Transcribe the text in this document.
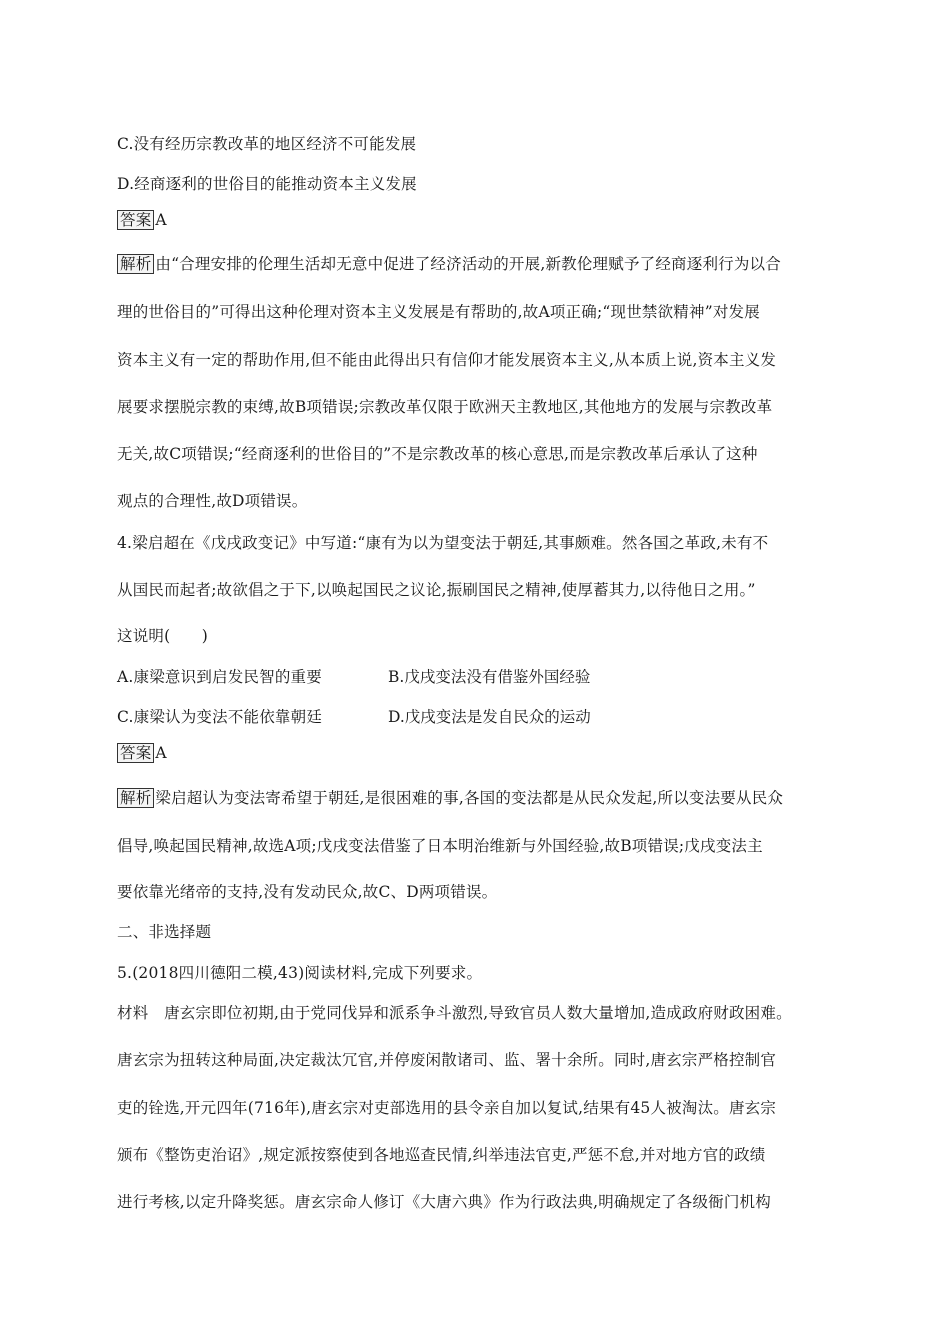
C.没有经历宗教改革的地区经济不可能发展
D.经商逐利的世俗目的能推动资本主义发展
答案 A
解析 由“合理安排的伦理生活却无意中促进了经济活动的开展,新教伦理赋予了经商逐利行为以合
理的世俗目的”可得出这种伦理对资本主义发展是有帮助的,故A项正确;“现世禁欲精神”对发展
资本主义有一定的帮助作用,但不能由此得出只有信仰才能发展资本主义,从本质上说,资本主义发
展要求摆脱宗教的束缚,故B项错误;宗教改革仅限于欧洲天主教地区,其他地方的发展与宗教改革
无关,故C项错误;“经商逐利的世俗目的”不是宗教改革的核心意思,而是宗教改革后承认了这种
观点的合理性,故D项错误。
4.梁启超在《戊戌政变记》中写道:“康有为以为望变法于朝廷,其事颇难。然各国之革政,未有不
从国民而起者;故欲倡之于下,以唤起国民之议论,振刷国民之精神,使厚蓄其力,以待他日之用。”
这说明(　　)
A.康梁意识到启发民智的重要	B.戊戌变法没有借鉴外国经验
C.康梁认为变法不能依靠朝廷	D.戊戌变法是发自民众的运动
答案 A
解析 梁启超认为变法寄希望于朝廷,是很困难的事,各国的变法都是从民众发起,所以变法要从民众
倡导,唤起国民精神,故选A项;戊戌变法借鉴了日本明治维新与外国经验,故B项错误;戊戌变法主
要依靠光绪帝的支持,没有发动民众,故C、D两项错误。
二、非选择题
5.(2018四川德阳二模,43)阅读材料,完成下列要求。
材料　唐玄宗即位初期,由于党同伐异和派系争斗激烈,导致官员人数大量增加,造成政府财政困难。
唐玄宗为扭转这种局面,决定裁汰冗官,并停废闲散诸司、监、署十余所。同时,唐玄宗严格控制官
吏的铨选,开元四年(716年),唐玄宗对吏部选用的县令亲自加以复试,结果有45人被淘汰。唐玄宗
颁布《整饬吏治诏》,规定派按察使到各地巡查民情,纠举违法官吏,严惩不怠,并对地方官的政绩
进行考核,以定升降奖惩。唐玄宗命人修订《大唐六典》作为行政法典,明确规定了各级衙门机构
